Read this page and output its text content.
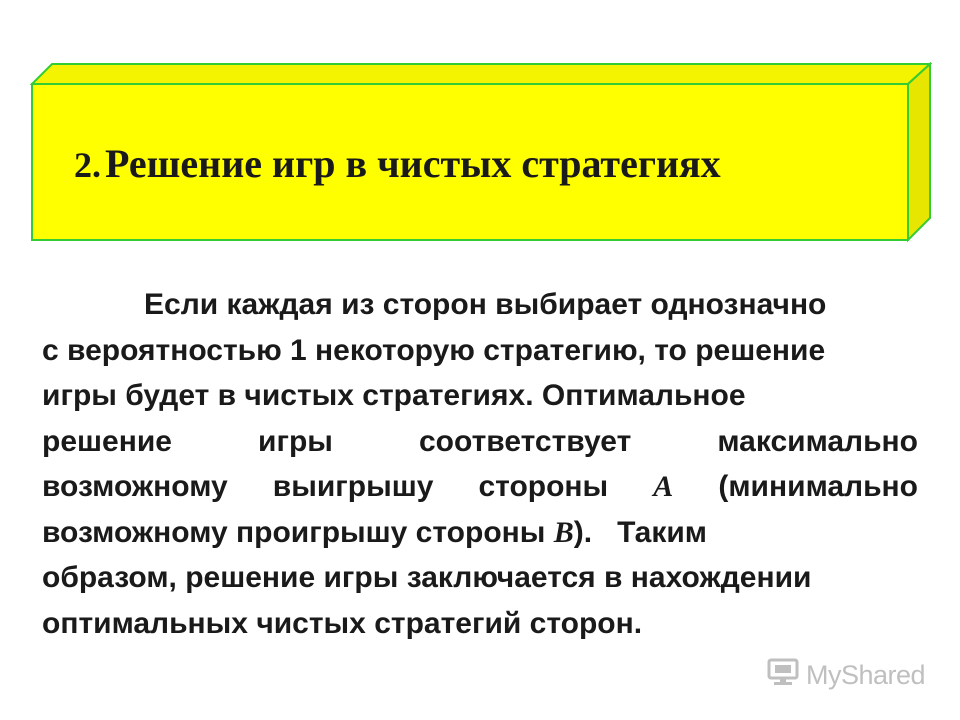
2. Решение игр в чистых стратегиях
Если каждая из сторон выбирает однозначно
с вероятностью 1 некоторую стратегию, то решение
игры будет в чистых стратегиях. Оптимальное
решение игры соответствует максимально
возможному выигрышу стороны А (минимально
возможному проигрышу стороны В).   Таким
образом, решение игры заключается в нахождении
оптимальных чистых стратегий сторон.
MyShared
